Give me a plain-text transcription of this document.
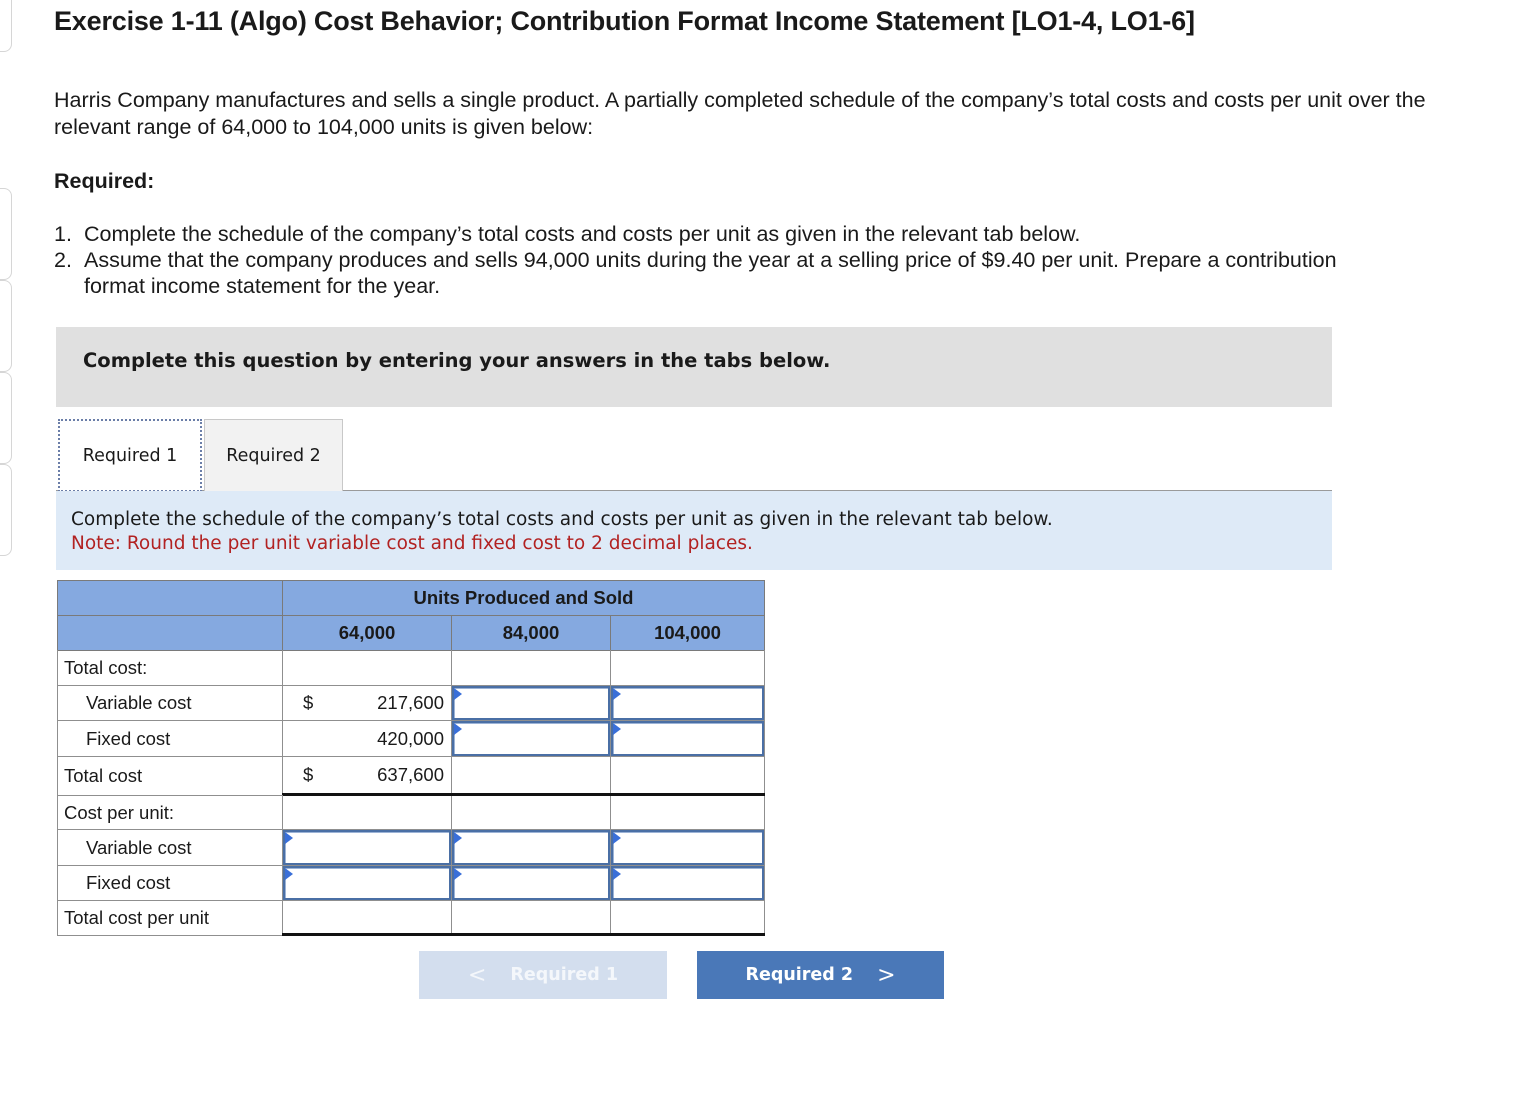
Exercise 1-11 (Algo) Cost Behavior; Contribution Format Income Statement [LO1-4, LO1-6]

Harris Company manufactures and sells a single product. A partially completed schedule of the company’s total costs and costs per unit over the relevant range of 64,000 to 104,000 units is given below:

Required:

1. Complete the schedule of the company’s total costs and costs per unit as given in the relevant tab below.
2. Assume that the company produces and sells 94,000 units during the year at a selling price of $9.40 per unit. Prepare a contribution format income statement for the year.

Complete this question by entering your answers in the tabs below.

Required 1	Required 2

Complete the schedule of the company’s total costs and costs per unit as given in the relevant tab below.

Note: Round the per unit variable cost and fixed cost to 2 decimal places.

Units Produced and Sold
64,000	84,000	104,000
Total cost:
Variable cost	$	217,600
Fixed cost	420,000
Total cost	$	637,600
Cost per unit:
Variable cost
Fixed cost
Total cost per unit
< Required 1	Required 2 >
